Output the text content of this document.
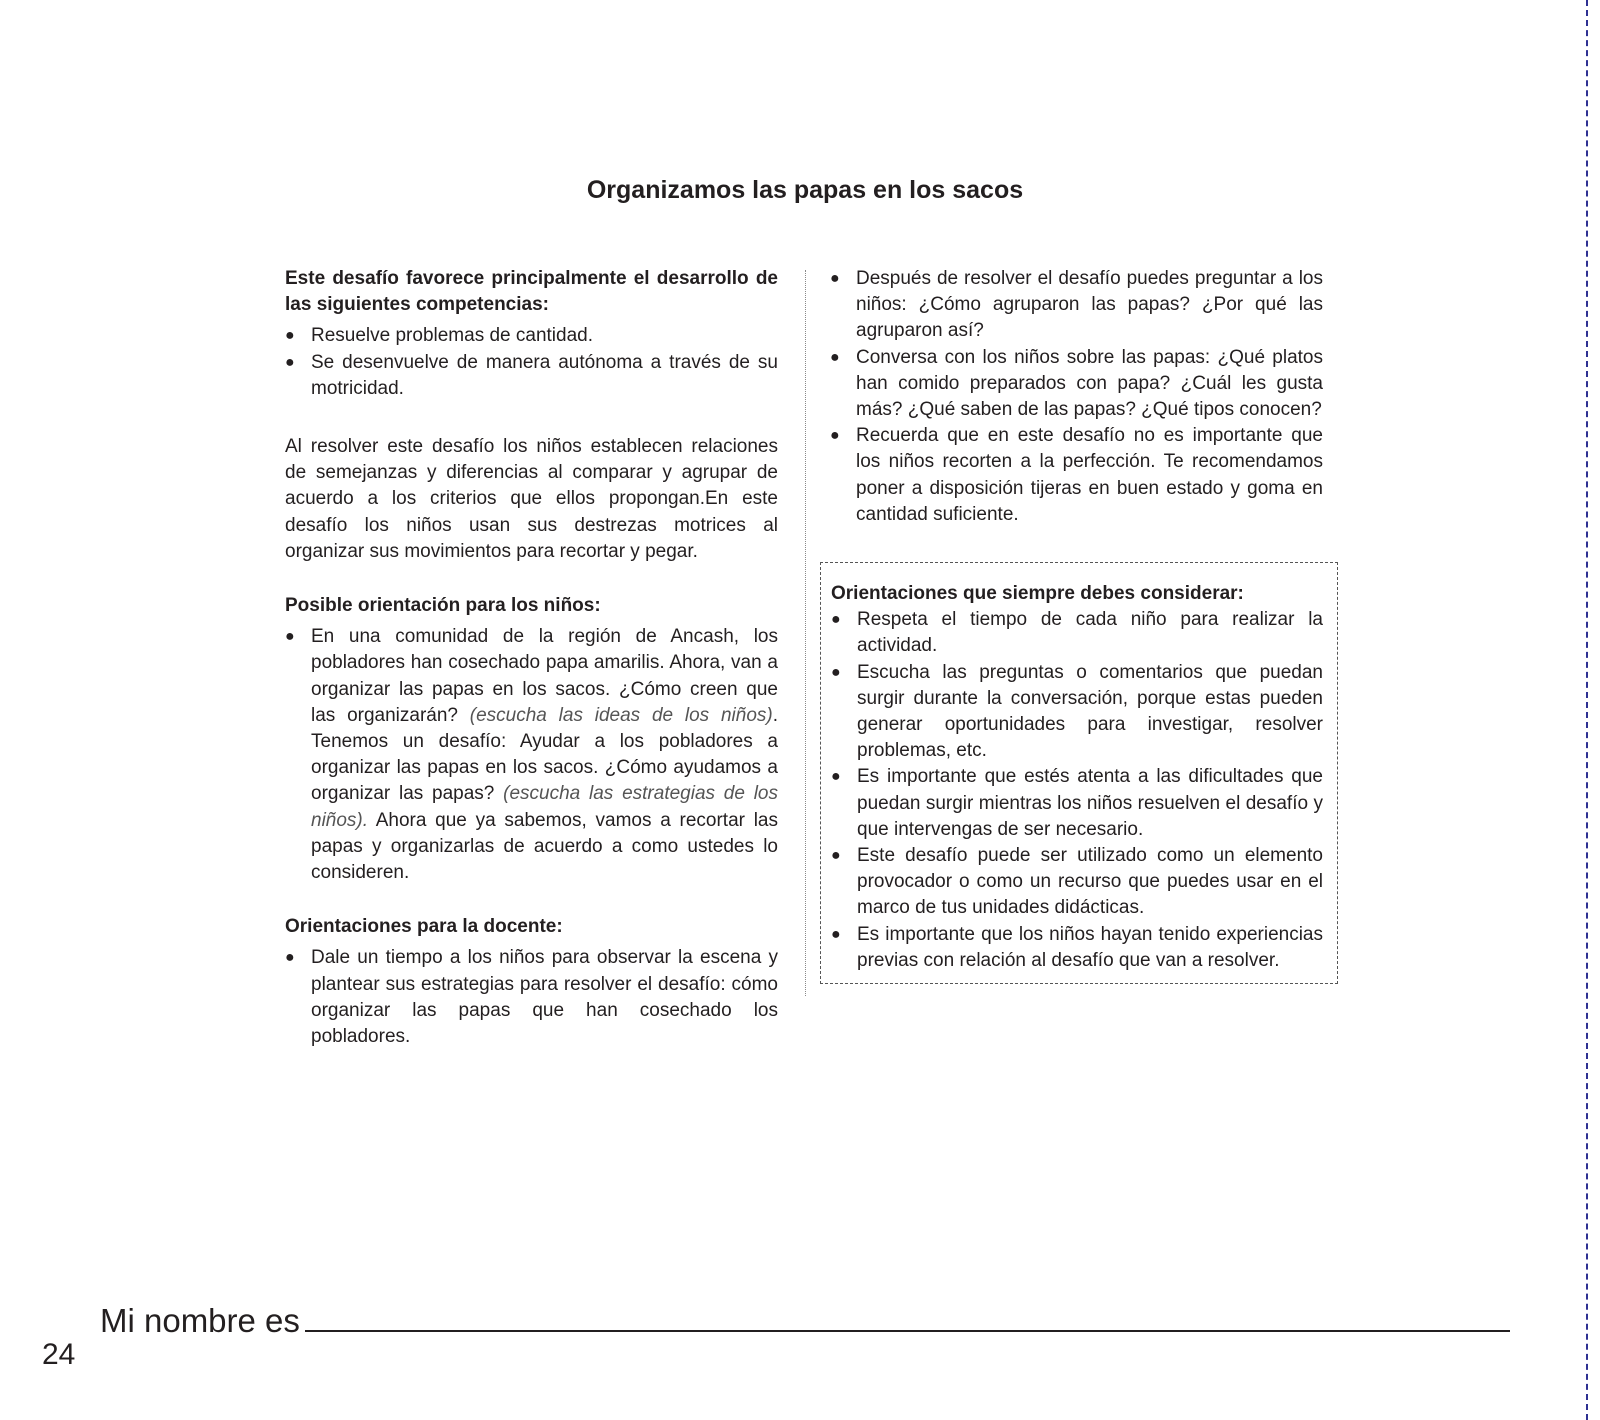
Organizamos las papas en los sacos
Este desafío favorece principalmente el desarrollo de las siguientes competencias:
● Resuelve problemas de cantidad.
● Se desenvuelve de manera autónoma a través de su motricidad.

Al resolver este desafío los niños establecen relaciones de semejanzas y diferencias al comparar y agrupar de acuerdo a los criterios que ellos propongan.En este desafío los niños usan sus destrezas motrices al organizar sus movimientos para recortar y pegar.

Posible orientación para los niños:
● En una comunidad de la región de Ancash, los pobladores han cosechado papa amarilis. Ahora, van a organizar las papas en los sacos. ¿Cómo creen que las organizarán? (escucha las ideas de los niños). Tenemos un desafío: Ayudar a los pobladores a organizar las papas en los sacos. ¿Cómo ayudamos a organizar las papas? (escucha las estrategias de los niños). Ahora que ya sabemos, vamos a recortar las papas y organizarlas de acuerdo a como ustedes lo consideren.
Orientaciones para la docente:
● Dale un tiempo a los niños para observar la escena y plantear sus estrategias para resolver el desafío: cómo organizar las papas que han cosechado los pobladores.
● Después de resolver el desafío puedes preguntar a los niños: ¿Cómo agruparon las papas? ¿Por qué las agruparon así?
● Conversa con los niños sobre las papas: ¿Qué platos han comido preparados con papa? ¿Cuál les gusta más? ¿Qué saben de las papas? ¿Qué tipos conocen?
● Recuerda que en este desafío no es importante que los niños recorten a la perfección. Te recomendamos poner a disposición tijeras en buen estado y goma en cantidad suficiente.
Orientaciones que siempre debes considerar:
● Respeta el tiempo de cada niño para realizar la actividad.
● Escucha las preguntas o comentarios que puedan surgir durante la conversación, porque estas pueden generar oportunidades para investigar, resolver problemas, etc.
● Es importante que estés atenta a las dificultades que puedan surgir mientras los niños resuelven el desafío y que intervengas de ser necesario.
● Este desafío puede ser utilizado como un elemento provocador o como un recurso que puedes usar en el marco de tus unidades didácticas.
● Es importante que los niños hayan tenido experiencias previas con relación al desafío que van a resolver.
Mi nombre es
24
